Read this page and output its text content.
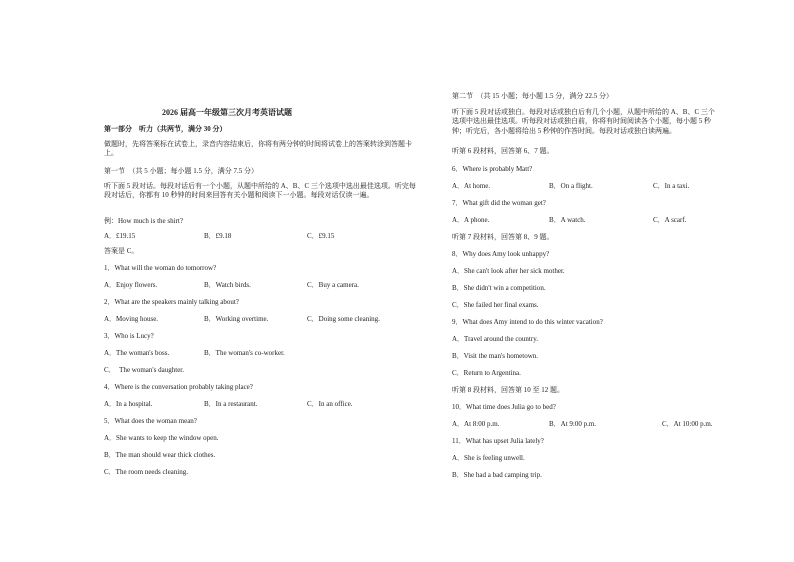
2026 届高一年级第三次月考英语试题
第一部分　听力（共两节，满分 30 分）
做题时，先将答案标在试卷上，录音内容结束后，你将有两分钟的时间将试卷上的答案转涂到答题卡上。
第一节　（共 5 小题；每小题 1.5 分，满分 7.5 分）
听下面 5 段对话。每段对话后有一个小题，从题中所给的 A、B、C 三个选项中选出最佳选项。听完每段对话后，你都有 10 秒钟的时间来回答有关小题和阅读下一小题。每段对话仅读一遍。
例：How much is the shirt?
A．£19.15	B．£9.18	C．£9.15
答案是 C。
1．What will the woman do tomorrow?
A．Enjoy flowers.	B．Watch birds.	C．Buy a camera.
2．What are the speakers mainly talking about?
A．Moving house.	B．Working overtime.	C．Doing some cleaning.
3．Who is Lucy?
A．The woman's boss.	B．The woman's co-worker.
C．　The woman's daughter.
4．Where is the conversation probably taking place?
A．In a hospital.	B．In a restaurant.	C．In an office.
5．What does the woman mean?
A．She wants to keep the window open.
B．The man should wear thick clothes.
C．The room needs cleaning.
第二节　（共 15 小题；每小题 1.5 分，满分 22.5 分）
听下面 5 段对话或独白。每段对话或独白后有几个小题，从题中所给的 A、B、C 三个选项中选出最佳选项。听每段对话或独白前，你将有时间阅读各个小题，每小题 5 秒钟；听完后，各小题将给出 5 秒钟的作答时间。每段对话或独白读两遍。
听第 6 段材料，回答第 6、7 题。
6．Where is probably Matt?
A．At home.	B．On a flight.	C．In a taxi.
7．What gift did the woman get?
A．A phone.	B．A watch.	C．A scarf.
听第 7 段材料，回答第 8、9 题。
8．Why does Amy look unhappy?
A．She can't look after her sick mother.
B．She didn't win a competition.
C．She failed her final exams.
9．What does Amy intend to do this winter vacation?
A．Travel around the country.
B．Visit the man's hometown.
C．Return to Argentina.
听第 8 段材料，回答第 10 至 12 题。
10．What time does Julia go to bed?
A．At 8:00 p.m.	B．At 9:00 p.m.	C．At 10:00 p.m.
11．What has upset Julia lately?
A．She is feeling unwell.
B．She had a bad camping trip.
